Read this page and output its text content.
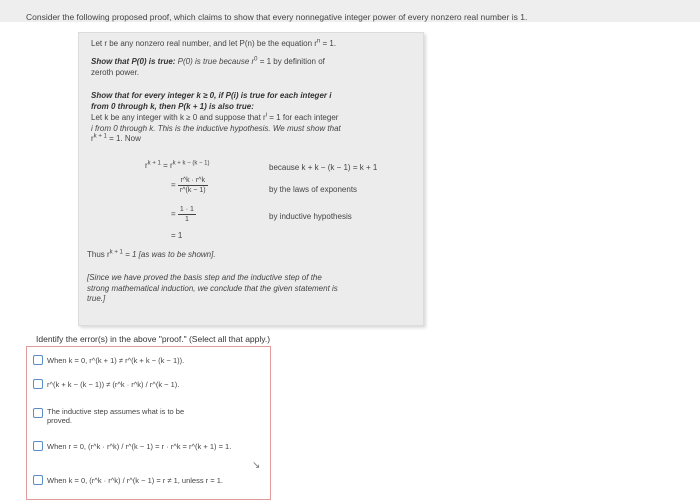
Consider the following proposed proof, which claims to show that every nonnegative integer power of every nonzero real number is 1.
Let r be any nonzero real number, and let P(n) be the equation $r^n = 1$.
Show that P(0) is true: P(0) is true because $r^0 = 1$ by definition of
zeroth power.
Show that for every integer k ≥ 0, if P(i) is true for each integer i
from 0 through k, then P(k + 1) is also true:
Let k be any integer with k ≥ 0 and suppose that $r^i = 1$ for each integer
i from 0 through k. This is the inductive hypothesis. We must show that
$r^{k + 1} = 1$. Now
$r^{k + 1} = r^{k + k - (k - 1)}$	because k + k − (k − 1) = k + 1
= $\frac{r\^{}k \cdot r\^{}k}{r\^{}(k - 1)}$	by the laws of exponents
= $\frac{1 \cdot 1}{1}$	by inductive hypothesis
= 1
Thus $r^{k + 1} = 1$ [as was to be shown].
[Since we have proved the basis step and the inductive step of the
strong mathematical induction, we conclude that the given statement is
true.]
Identify the error(s) in the above "proof." (Select all that apply.)
When k = 0, r^(k + 1) ≠ r^(k + k − (k − 1)).
r^(k + k − (k − 1)) ≠ (r^k · r^k) / r^(k − 1).
The inductive step assumes what is to be
proved.
When r = 0, (r^k · r^k) / r^(k − 1) = r · r^k = r^(k + 1) = 1.
When k = 0, (r^k · r^k) / r^(k − 1) = r ≠ 1, unless r = 1.
↘
